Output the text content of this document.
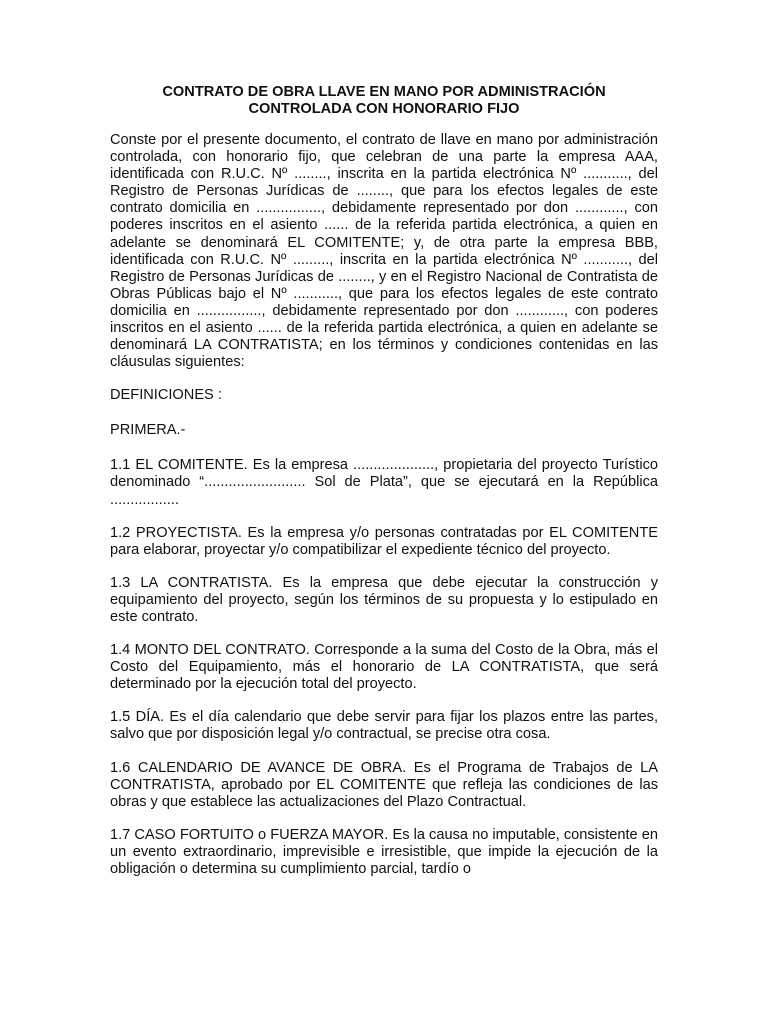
CONTRATO DE OBRA LLAVE EN MANO POR ADMINISTRACIÓN
CONTROLADA CON HONORARIO FIJO

Conste por el presente documento, el contrato de llave en mano por administración controlada, con honorario fijo, que celebran de una parte la empresa AAA, identificada con R.U.C. Nº ........, inscrita en la partida electrónica Nº ..........., del Registro de Personas Jurídicas de ........, que para los efectos legales de este contrato domicilia en ................, debidamente representado por don ............, con poderes inscritos en el asiento ...... de la referida partida electrónica, a quien en adelante se denominará EL COMITENTE; y, de otra parte la empresa BBB, identificada con R.U.C. Nº ........., inscrita en la partida electrónica Nº ..........., del Registro de Personas Jurídicas de ........, y en el Registro Nacional de Contratista de Obras Públicas bajo el Nº ..........., que para los efectos legales de este contrato domicilia en ................, debidamente representado por don ............, con poderes inscritos en el asiento ...... de la referida partida electrónica, a quien en adelante se denominará LA CONTRATISTA; en los términos y condiciones contenidas en las cláusulas siguientes:

DEFINICIONES :

PRIMERA.-

1.1 EL COMITENTE. Es la empresa ...................., propietaria del proyecto Turístico denominado “......................... Sol de Plata”, que se ejecutará en la República .................

1.2 PROYECTISTA. Es la empresa y/o personas contratadas por EL COMITENTE para elaborar, proyectar y/o compatibilizar el expediente técnico del proyecto.

1.3 LA CONTRATISTA. Es la empresa que debe ejecutar la construcción y equipamiento del proyecto, según los términos de su propuesta y lo estipulado en este contrato.

1.4 MONTO DEL CONTRATO. Corresponde a la suma del Costo de la Obra, más el Costo del Equipamiento, más el honorario de LA CONTRATISTA, que será determinado por la ejecución total del proyecto.

1.5 DÍA. Es el día calendario que debe servir para fijar los plazos entre las partes, salvo que por disposición legal y/o contractual, se precise otra cosa.

1.6 CALENDARIO DE AVANCE DE OBRA. Es el Programa de Trabajos de LA CONTRATISTA, aprobado por EL COMITENTE que refleja las condiciones de las obras y que establece las actualizaciones del Plazo Contractual.

1.7 CASO FORTUITO o FUERZA MAYOR. Es la causa no imputable, consistente en un evento extraordinario, imprevisible e irresistible, que impide la ejecución de la obligación o determina su cumplimiento parcial, tardío o
